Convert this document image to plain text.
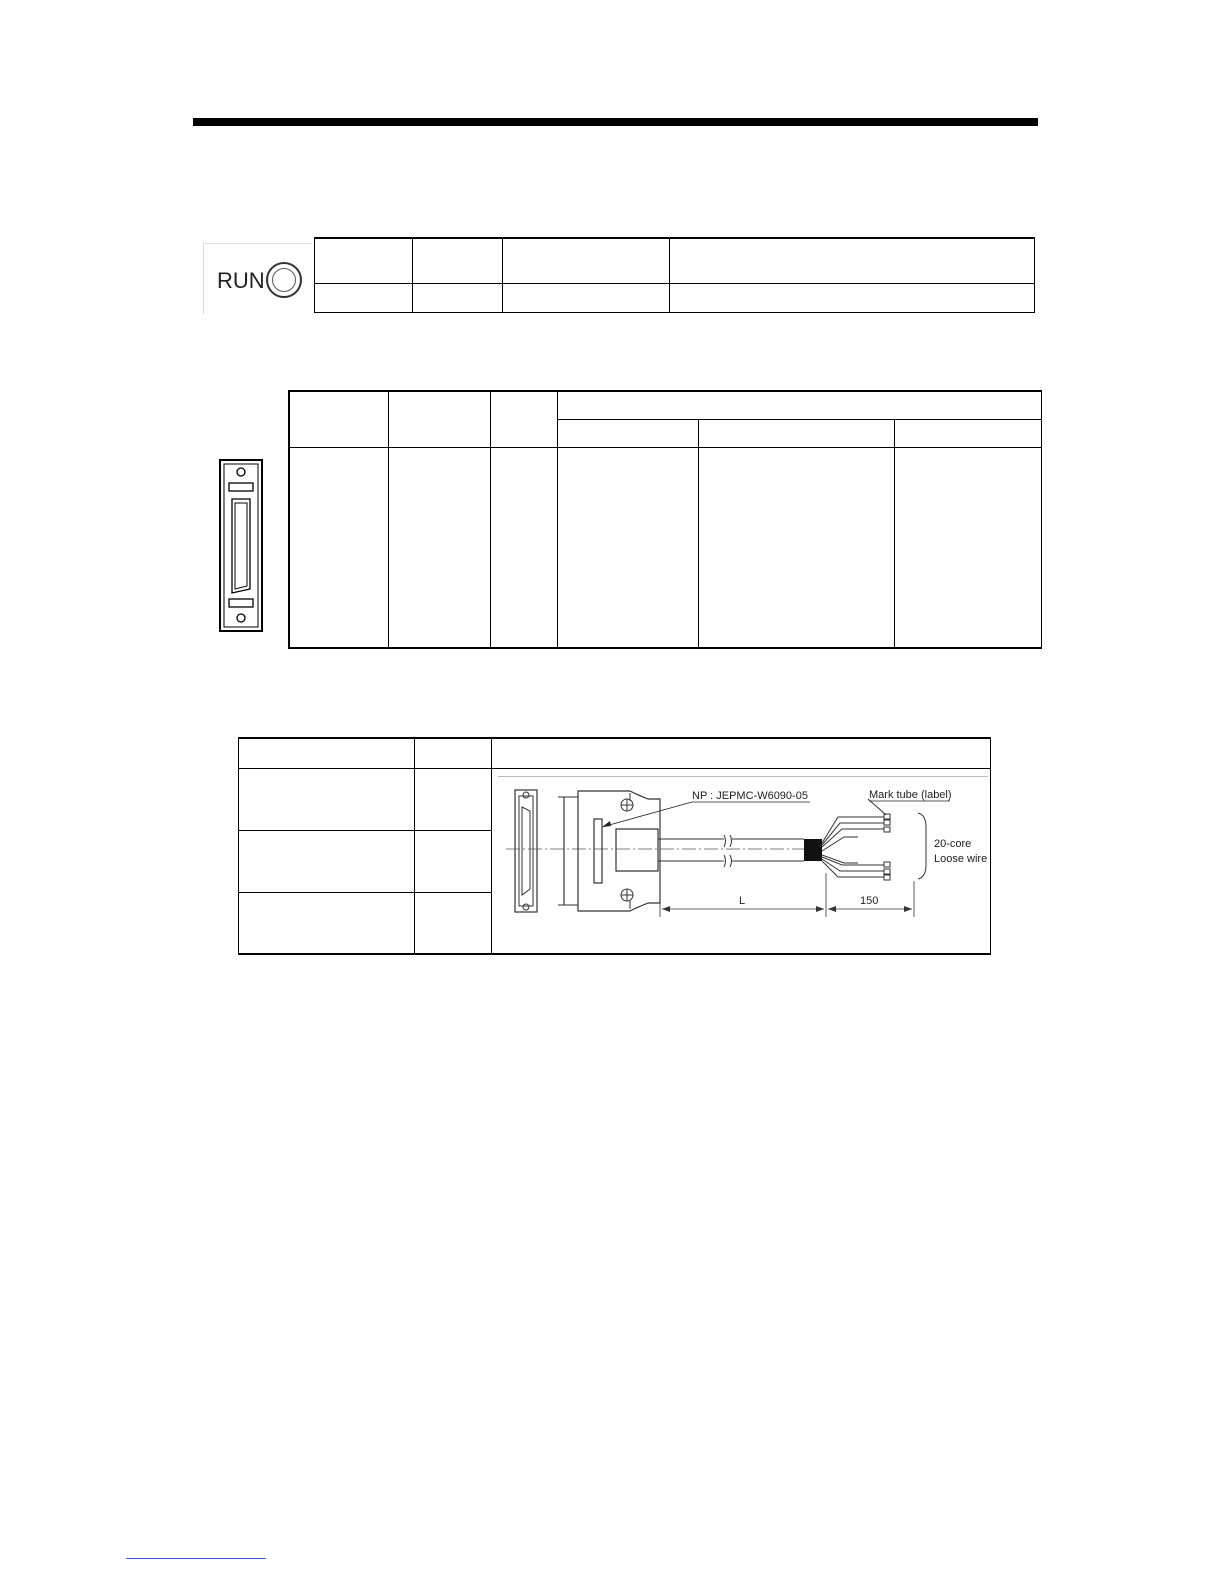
RUN

NP : JEPMC-W6090-05	Mark tube (label)
20-core
Loose wire
L	150
